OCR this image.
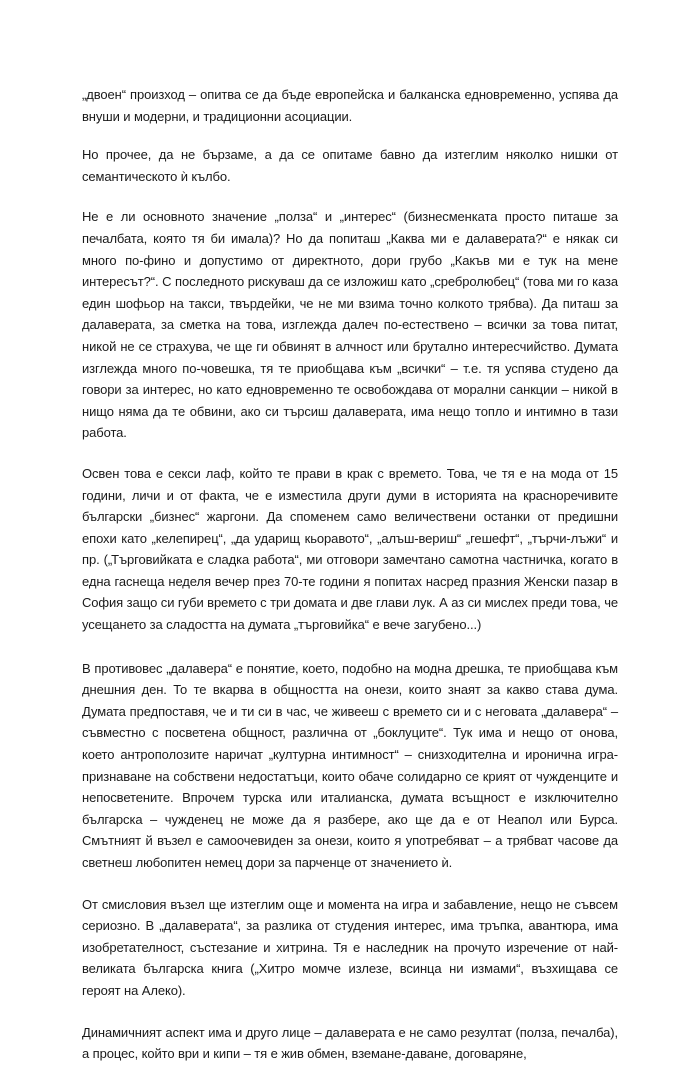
„двоен“ произход – опитва се да бъде европейска и балканска едновременно, успява да внуши и модерни, и традиционни асоциации.

Но прочее, да не бързаме, а да се опитаме бавно да изтеглим няколко нишки от семантическото ѝ кълбо.

Не е ли основното значение „полза“ и „интерес“ (бизнесменката просто питаше за печалбата, която тя би имала)? Но да попиташ „Каква ми е далаверата?“ е някак си много по-фино и допустимо от директното, дори грубо „Какъв ми е тук на мене интересът?“. С последното рискуваш да се изложиш като „сребролюбец“ (това ми го каза един шофьор на такси, твърдейки, че не ми взима точно колкото трябва). Да питаш за далаверата, за сметка на това, изглежда далеч по-естествено – всички за това питат, никой не се страхува, че ще ги обвинят в алчност или брутално интересчийство. Думата изглежда много по-човешка, тя те приобщава към „всички“ – т.е. тя успява студено да говори за интерес, но като едновременно те освобождава от морални санкции – никой в нищо няма да те обвини, ако си търсиш далаверата, има нещо топло и интимно в тази работа.

Освен това е секси лаф, който те прави в крак с времето. Това, че тя е на мода от 15 години, личи и от факта, че е изместила други думи в историята на красноречивите български „бизнес“ жаргони. Да споменем само величествени останки от предишни епохи като „келепирец“, „да ударищ кьоравото“, „алъш-вериш“ „гешефт“, „търчи-лъжи“ и пр. („Търговийката е сладка работа“, ми отговори замечтано самотна частничка, когато в една гаснеща неделя вечер през 70-те години я попитах насред празния Женски пазар в София защо си губи времето с три домата и две глави лук. А аз си мислех преди това, че усещането за сладостта на думата „търговийка“ е вече загубено...)

В противовес „далавера“ е понятие, което, подобно на модна дрешка, те приобщава към днешния ден. То те вкарва в общността на онези, които знаят за какво става дума. Думата предпоставя, че и ти си в час, че живееш с времето си и с неговата „далавера“ – съвместно с посветена общност, различна от „боклуците“. Тук има и нещо от онова, което антрополозите наричат „културна интимност“ – снизходителна и иронична игра-признаване на собствени недостатъци, които обаче солидарно се крият от чужденците и непосветените. Впрочем турска или италианска, думата всъщност е изключително българска – чужденец не може да я разбере, ако ще да е от Неапол или Бурса. Смътният й възел е самоочевиден за онези, които я употребяват – а трябват часове да светнеш любопитен немец дори за парченце от значението ѝ.

От смисловия възел ще изтеглим още и момента на игра и забавление, нещо не съвсем сериозно. В „далаверата“, за разлика от студения интерес, има тръпка, авантюра, има изобретателност, състезание и хитрина. Тя е наследник на прочуто изречение от най-великата българска книга („Хитро момче излезе, всинца ни измами“, възхищава се героят на Алеко).

Динамичният аспект има и друго лице – далаверата е не само резултат (полза, печалба), а процес, който ври и кипи – тя е жив обмен, вземане-даване, договаряне,
